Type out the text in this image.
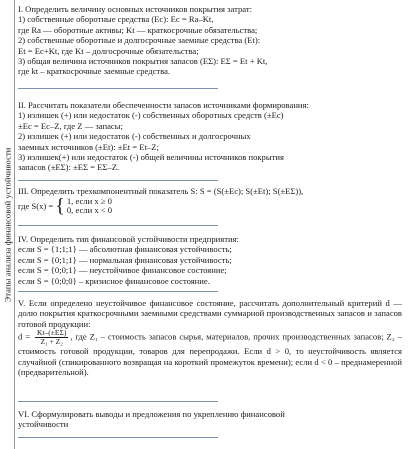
Этапы анализа финансовой устойчивости
I. Определить величину основных источников покрытия затрат:
1) собственные оборотные средства (Ec): Ec = Ra–Kt,
где Ra — оборотные активы; Kt — краткосрочные обязательства;
2) собственные оборотные и долгосрочные заемные средства (Et):
Et = Ec+Kt, где Kt – долгосрочные обязательства;
3) общая величина источников покрытия запасов (EΣ): EΣ = Et + Kt,
где kt – краткосрочные заемные средства.
II. Рассчитать показатели обеспеченности запасов источниками формирования:
1) излишек (+) или недостаток (-) собственных оборотных средств (±Ec)
±Ec = Ec–Z, где Z — запасы;
2) излишек (+) или недостаток (-) собственных и долгосрочных
заемных источников (±Et): ±Et = Et–Z;
3) излишек(+) или недостаток (-) общей величины источников покрытия
запасов (±EΣ): ±EΣ = EΣ–Z.
III. Определить трехкомпонентный показатель S: S = (S(±Ec); S(±Et); S(±EΣ)),
где S(x) = { 1, если x ≥ 0
0, если x < 0
IV. Определить тип финансовой устойчивости предприятия:
если S = {1;1;1} — абсолютная финансовая устойчивость;
если S = {0;1;1} — нормальная финансовая устойчивость;
если S = {0;0;1} — неустойчивое финансовое состояние;
если S = {0;0;0} – кризисное финансовое состояние.
V. Если определено неустойчивое финансовое состояние, рассчитать дополнительный критерий d — долю покрытия краткосрочными заемными средствами суммарной производственных запасов и запасов готовой продукции:
$d = \frac{Kt-(\pm E\Sigma)}{\text{Z₁ + Z₂}}$ , где Z₁ – стоимость запасов сырья, материалов, прочих производственных запасов; Z₂ – стоимость готовой продукции, товаров для перепродажи. Если d > 0, то неустойчивость является случайной (спикированного возвращая на короткий промежуток времени); если d < 0 – преднамеренной (предварительной).
VI. Сформулировать выводы и предложения по укреплению финансовой
устойчивости
